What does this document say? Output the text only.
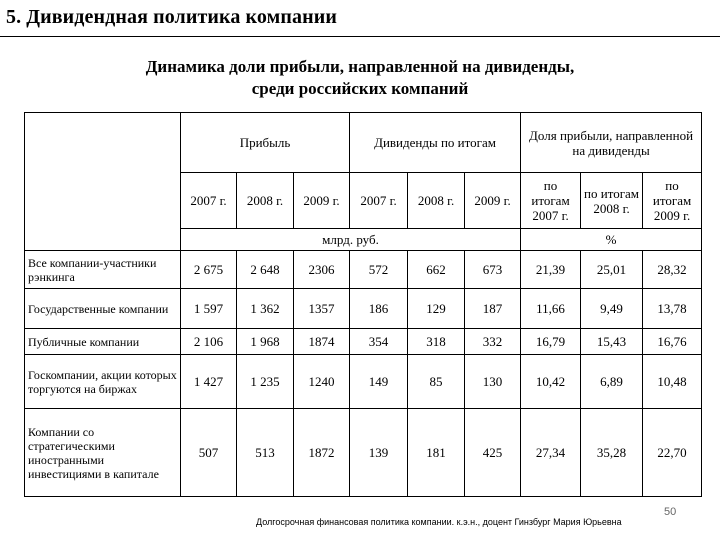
5. Дивидендная политика компании
Динамика доли прибыли, направленной на дивиденды,
среди российских компаний
	Прибыль			Дивиденды по итогам			Доля прибыли, направленной на дивиденды		
	2007 г.	2008 г.	2009 г.	2007 г.	2008 г.	2009 г.	по итогам 2007 г.	по итогам 2008 г.	по итогам 2009 г.
	млрд. руб.						%		
Все компании-участники рэнкинга	2 675	2 648	2306	572	662	673	21,39	25,01	28,32
Государственные компании	1 597	1 362	1357	186	129	187	11,66	9,49	13,78
Публичные компании	2 106	1 968	1874	354	318	332	16,79	15,43	16,76
Госкомпании, акции которых торгуются на биржах	1 427	1 235	1240	149	85	130	10,42	6,89	10,48
Компании со стратегическими иностранными инвестициями в капитале	507	513	1872	139	181	425	27,34	35,28	22,70
Долгосрочная финансовая политика компании. к.э.н., доцент Гинзбург Мария Юрьевна
50
